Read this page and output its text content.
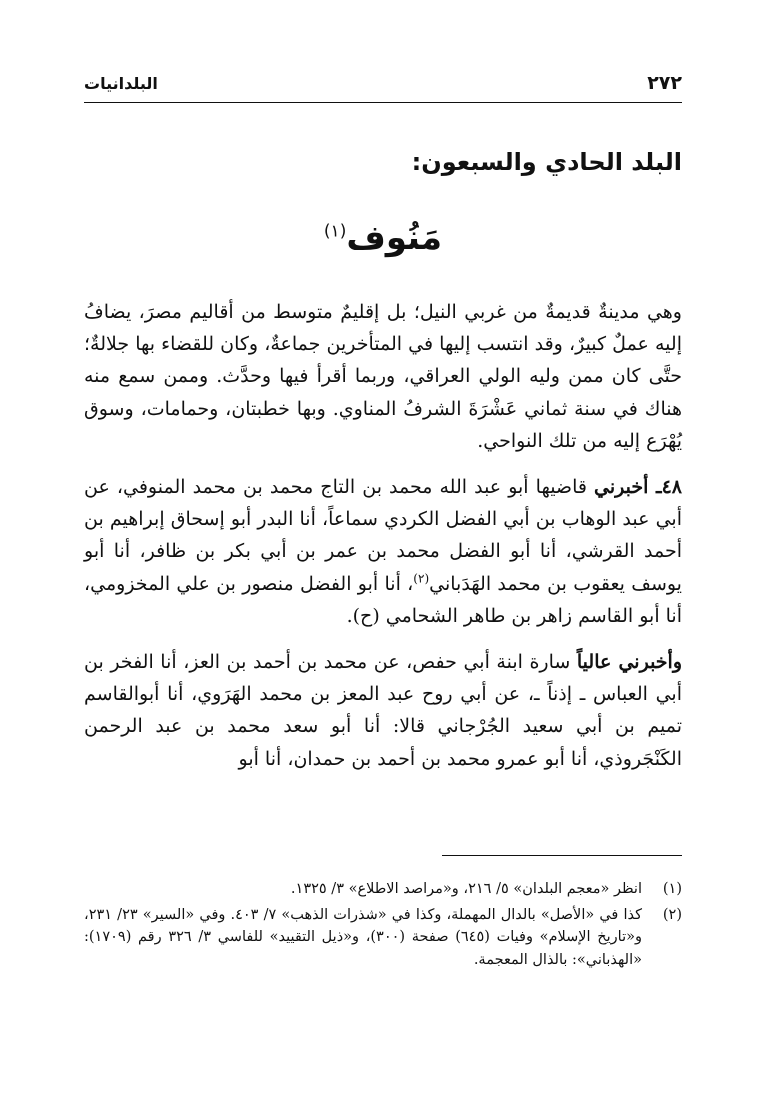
٢٧٢
البلدانيات
البلد الحادي والسبعون:
مَنُوف$^{(١)}$

وهي مدينةٌ قديمةٌ من غربي النيل؛ بل إقليمٌ متوسط من أقاليم مصرَ، يضافُ إليه عملٌ كبيرٌ، وقد انتسب إليها في المتأخرين جماعةٌ، وكان للقضاء بها جلالةٌ؛ حتَّى كان ممن وليه الولي العراقي، وربما أقرأ فيها وحدَّث. وممن سمع منه هناك في سنة ثماني عَشْرَةَ الشرفُ المناوي. وبها خطبتان، وحمامات، وسوق يُهْرَع إليه من تلك النواحي.

٤٨ـ أخبرني قاضيها أبو عبد الله محمد بن التاج محمد بن محمد المنوفي، عن أبي عبد الوهاب بن أبي الفضل الكردي سماعاً، أنا البدر أبو إسحاق إبراهيم بن أحمد القرشي، أنا أبو الفضل محمد بن عمر بن أبي بكر بن ظافر، أنا أبو يوسف يعقوب بن محمد الهَدَباني$^{(٢)}$، أنا أبو الفضل منصور بن علي المخزومي، أنا أبو القاسم زاهر بن طاهر الشحامي (ح).

وأخبرني عالياً سارة ابنة أبي حفص، عن محمد بن أحمد بن العز، أنا الفخر بن أبي العباس ـ إذناً ـ، عن أبي روح عبد المعز بن محمد الهَرَوي، أنا أبوالقاسم تميم بن أبي سعيد الجُرْجاني قالا: أنا أبو سعد محمد بن عبد الرحمن الكَنْجَروذي، أنا أبو عمرو محمد بن أحمد بن حمدان، أنا أبو

(١)
انظر «معجم البلدان» ٥/ ٢١٦، و«مراصد الاطلاع» ٣/ ١٣٢٥.
(٢)
كذا في «الأصل» بالدال المهملة، وكذا في «شذرات الذهب» ٧/ ٤٠٣. وفي «السير» ٢٣/ ٢٣١، و«تاريخ الإسلام» وفيات (٦٤٥) صفحة (٣٠٠)، و«ذيل التقييد» للفاسي ٣/ ٣٢٦ رقم (١٧٠٩): «الهذباني»: بالذال المعجمة.
